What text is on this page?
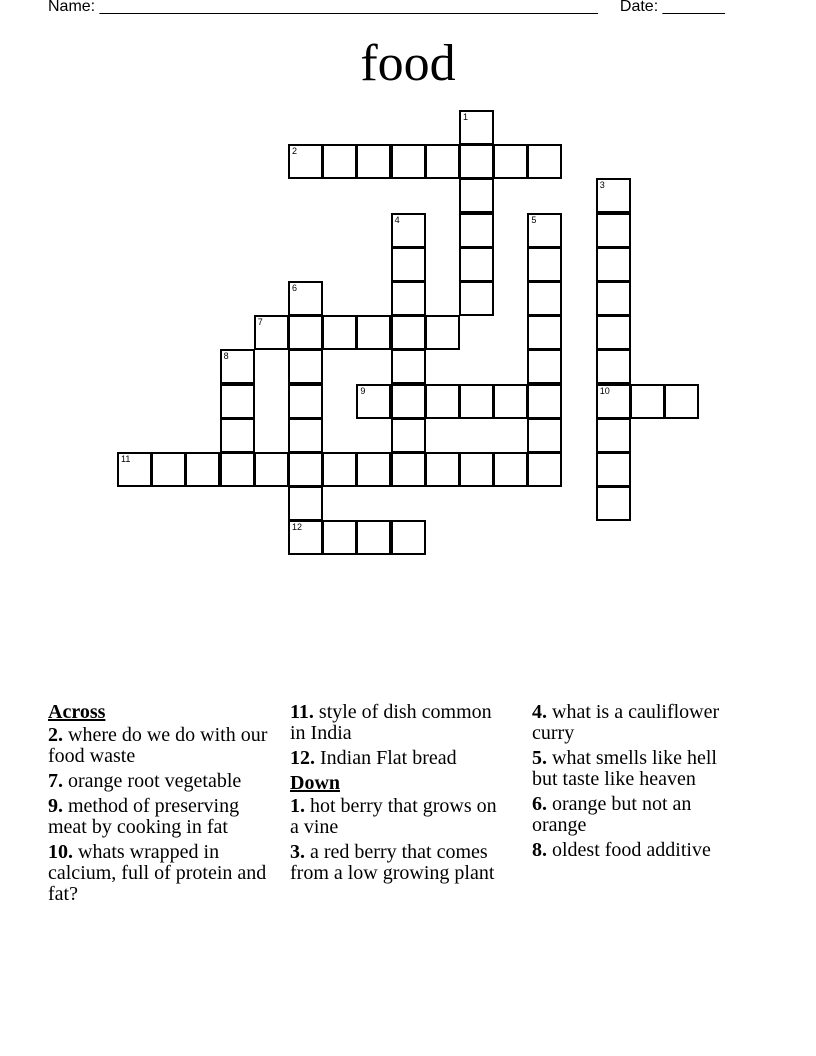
Name: ________________________________________________________ Date: _______
food
1
2
3
4	5
6
7
8
9	10
11
12
Across
2. where do we do with our food waste
7. orange root vegetable
9. method of preserving meat by cooking in fat
10. whats wrapped in calcium, full of protein and fat?
11. style of dish common in India
12. Indian Flat bread
Down
1. hot berry that grows on a vine
3. a red berry that comes from a low growing plant
4. what is a cauliflower curry
5. what smells like hell but taste like heaven
6. orange but not an orange
8. oldest food additive
